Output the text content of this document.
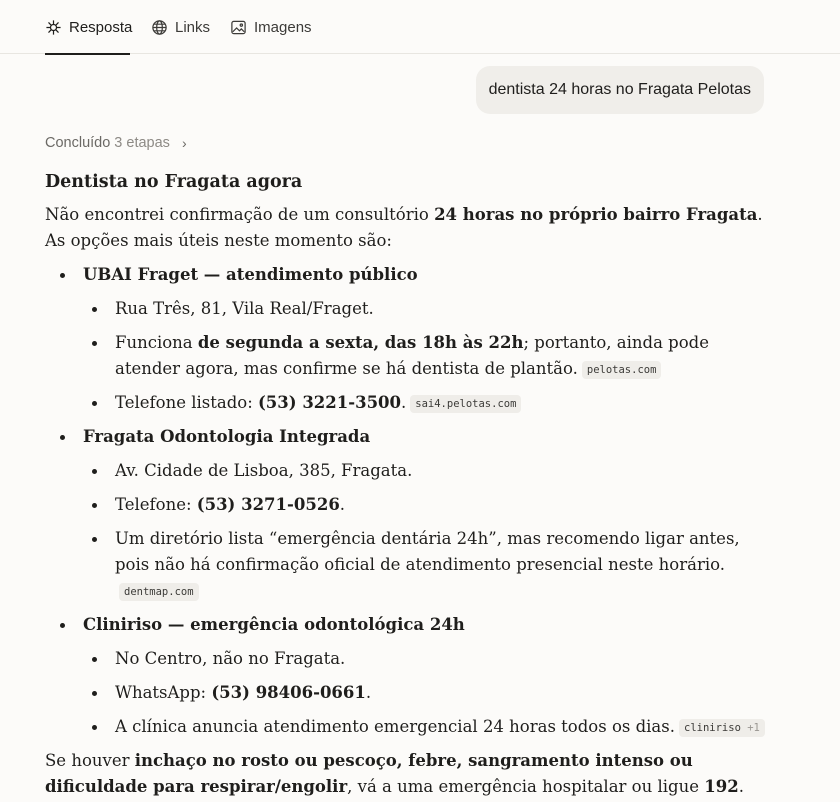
Resposta	Links	Imagens
dentista 24 horas no Fragata Pelotas
Concluído 3 etapas ›
Dentista no Fragata agora

Não encontrei confirmação de um consultório 24 horas no próprio bairro Fragata. As opções mais úteis neste momento são:

UBAI Fraget — atendimento público
Rua Três, 81, Vila Real/Fraget.
Funciona de segunda a sexta, das 18h às 22h; portanto, ainda pode atender agora, mas confirme se há dentista de plantão. pelotas.com
Telefone listado: (53) 3221-3500. sai4.pelotas.com
Fragata Odontologia Integrada
Av. Cidade de Lisboa, 385, Fragata.
Telefone: (53) 3271-0526.
Um diretório lista “emergência dentária 24h”, mas recomendo ligar antes, pois não há confirmação oficial de atendimento presencial neste horário.dentmap.com
Cliniriso — emergência odontológica 24h
No Centro, não no Fragata.
WhatsApp: (53) 98406-0661.
A clínica anuncia atendimento emergencial 24 horas todos os dias. cliniriso +1

Se houver inchaço no rosto ou pescoço, febre, sangramento intenso ou dificuldade para respirar/engolir, vá a uma emergência hospitalar ou ligue 192.
